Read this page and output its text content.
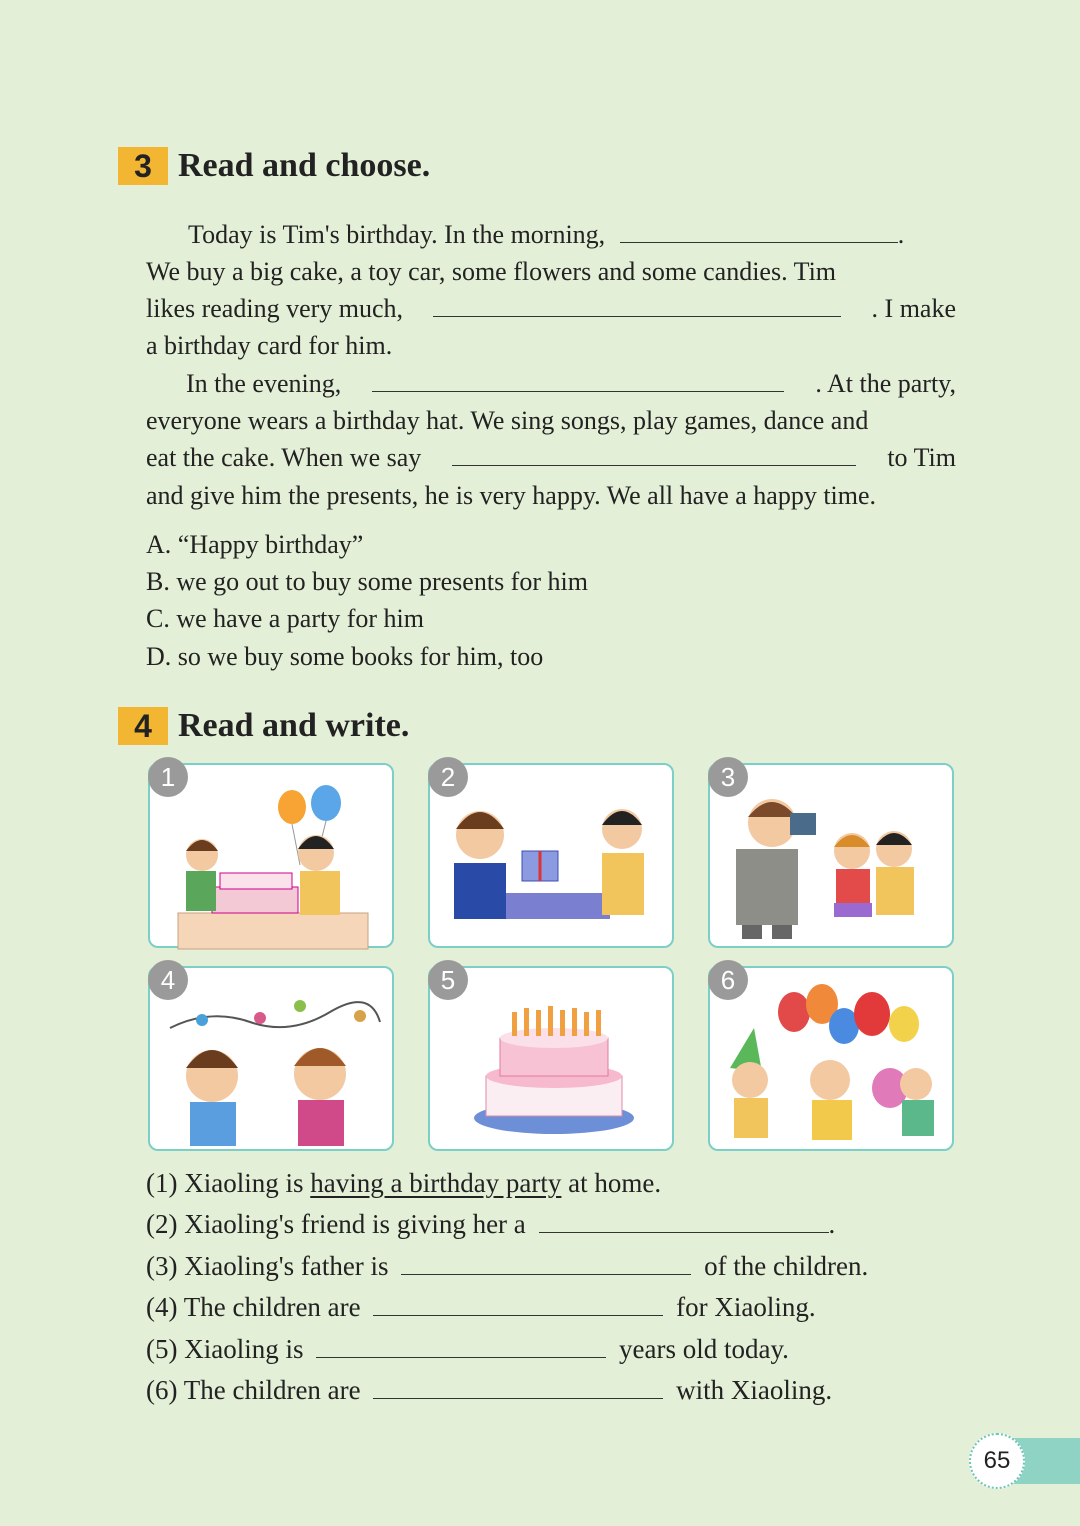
3 Read and choose.
Today is Tim's birthday. In the morning,	.
We buy a big cake, a toy car, some flowers and some candies. Tim
likes reading very much,	. I make
a birthday card for him.
In the evening,	. At the party,
everyone wears a birthday hat. We sing songs, play games, dance and
eat the cake. When we say	to Tim
and give him the presents, he is very happy. We all have a happy time.
A. “Happy birthday”
B. we go out to buy some presents for him
C. we have a party for him
D. so we buy some books for him, too
4 Read and write.
1	2	3
4	5	6
(1) Xiaoling is having a birthday party at home.
(2) Xiaoling's friend is giving her a	.
(3) Xiaoling's father is	of the children.
(4) The children are	for Xiaoling.
(5) Xiaoling is	years old today.
(6) The children are	with Xiaoling.
65
